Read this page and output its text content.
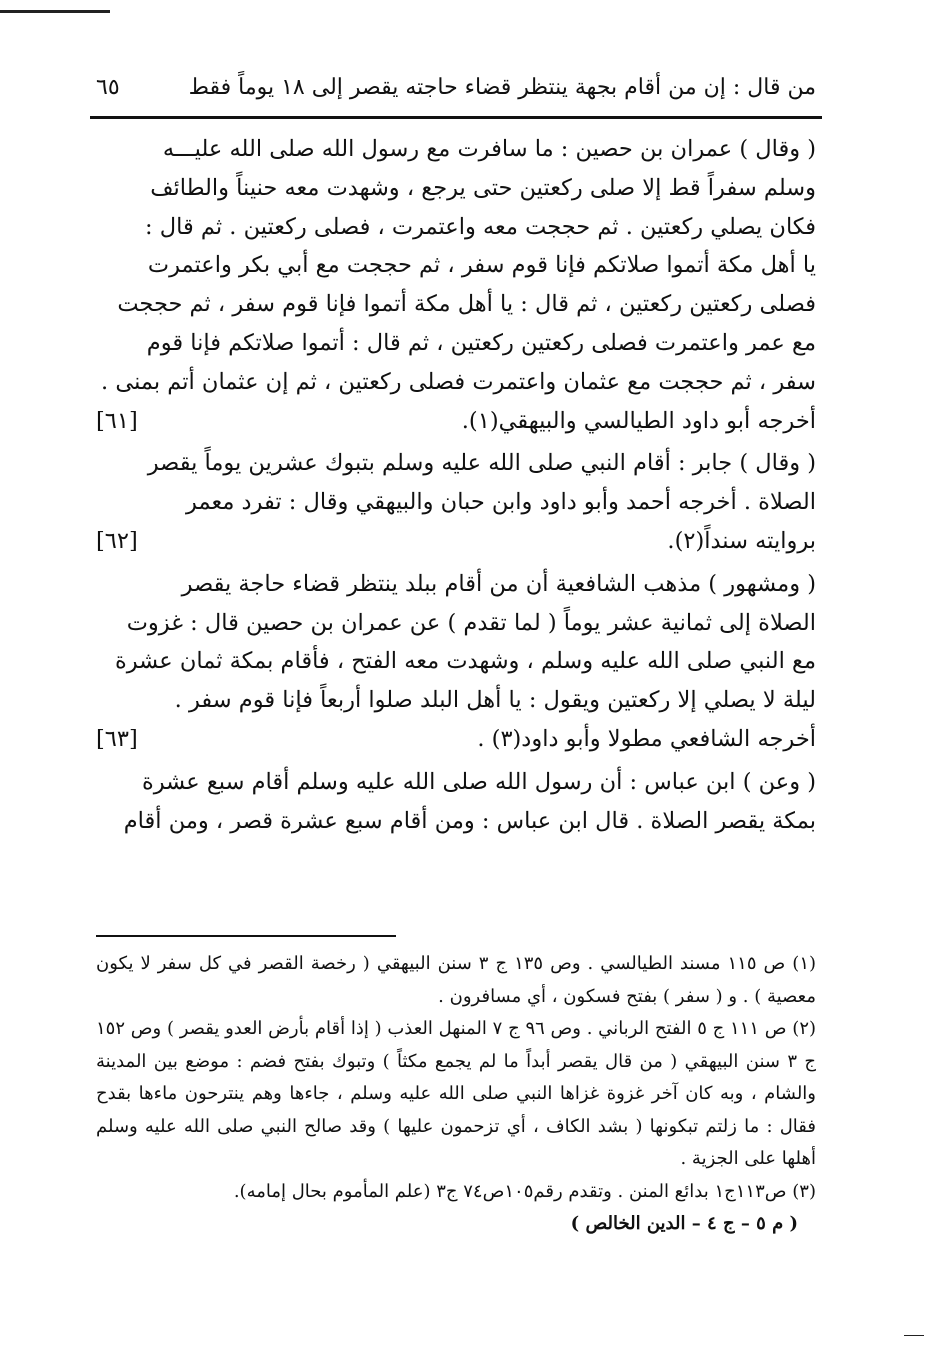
من قال : إن من أقام بجهة ينتظر قضاء حاجته يقصر إلى ١٨ يوماً فقط
٦٥
( وقال ) عمران بن حصين : ما سافرت مع رسول الله صلى الله عليـــه
وسلم سفراً قط إلا صلى ركعتين حتى يرجع ، وشهدت معه حنيناً والطائف
فكان يصلي ركعتين . ثم حججت معه واعتمرت ، فصلى ركعتين . ثم قال :
يا أهل مكة أتموا صلاتكم فإنا قوم سفر ، ثم حججت مع أبي بكر واعتمرت
فصلى ركعتين ركعتين ، ثم قال : يا أهل مكة أتموا فإنا قوم سفر ، ثم حججت
مع عمر واعتمرت فصلى ركعتين ركعتين ، ثم قال : أتموا صلاتكم فإنا قوم
سفر ، ثم حججت مع عثمان واعتمرت فصلى ركعتين ، ثم إن عثمان أتم بمنى .
أخرجه أبو داود الطيالسي والبيهقي(١).
[٦١]
( وقال ) جابر : أقام النبي صلى الله عليه وسلم بتبوك عشرين يوماً يقصر
الصلاة . أخرجه أحمد وأبو داود وابن حبان والبيهقي وقال : تفرد معمر
بروايته سنداً(٢).
[٦٢]
( ومشهور ) مذهب الشافعية أن من أقام ببلد ينتظر قضاء حاجة يقصر
الصلاة إلى ثمانية عشر يوماً ( لما تقدم ) عن عمران بن حصين قال : غزوت
مع النبي صلى الله عليه وسلم ، وشهدت معه الفتح ، فأقام بمكة ثمان عشرة
ليلة لا يصلي إلا ركعتين ويقول : يا أهل البلد صلوا أربعاً فإنا قوم سفر .
أخرجه الشافعي مطولا وأبو داود(٣) .
[٦٣]
( وعن ) ابن عباس : أن رسول الله صلى الله عليه وسلم أقام سبع عشرة
بمكة يقصر الصلاة . قال ابن عباس : ومن أقام سبع عشرة قصر ، ومن أقام

(١) ص ١١٥ مسند الطيالسي . وص ١٣٥ ج ٣ سنن البيهقي ( رخصة القصر في كل سفر لا يكون معصية ) . و ( سفر ) بفتح فسكون ، أي مسافرون .

(٢) ص ١١١ ج ٥ الفتح الرباني . وص ٩٦ ج ٧ المنهل العذب ( إذا أقام بأرض العدو يقصر ) وص ١٥٢ ج ٣ سنن البيهقي ( من قال يقصر أبداً ما لم يجمع مكثاً ) وتبوك بفتح فضم : موضع بين المدينة والشام ، وبه كان آخر غزوة غزاها النبي صلى الله عليه وسلم ، جاءها وهم ينترحون ماءها بقدح فقال : ما زلتم تبكونها ( بشد الكاف ، أي تزحمون عليها ) وقد صالح النبي صلى الله عليه وسلم أهلها على الجزية .

(٣) ص١١٣ج١ بدائع المنن . وتقدم رقم١٠٥ص٧٤ ج٣ (علم المأموم بحال إمامه).

( م ٥ – ج ٤ – الدين الخالص )
